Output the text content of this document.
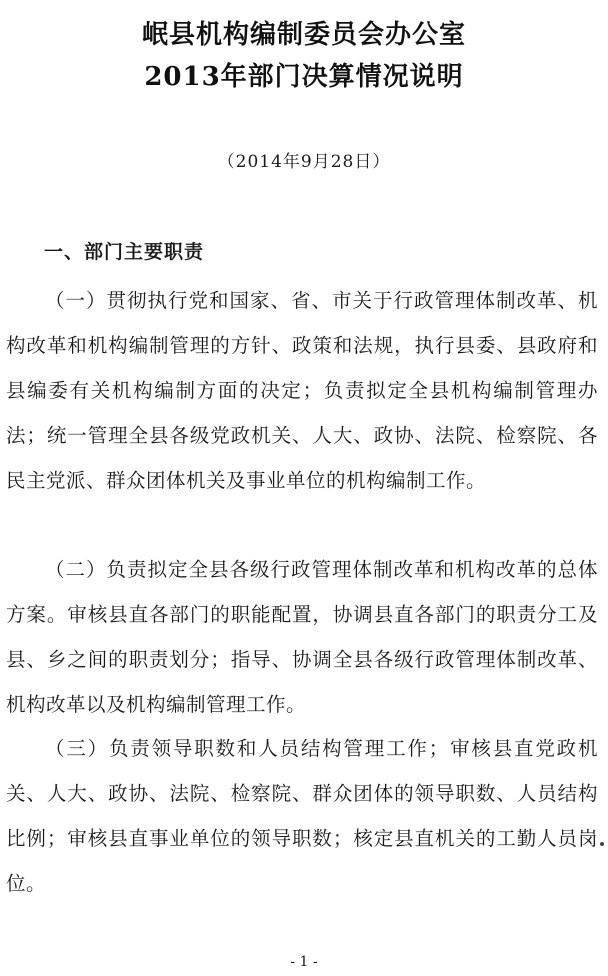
岷县机构编制委员会办公室
2013年部门决算情况说明
（2014年9月28日）
一、部门主要职责
（一）贯彻执行党和国家、省、市关于行政管理体制改革、机构改革和机构编制管理的方针、政策和法规，执行县委、县政府和县编委有关机构编制方面的决定；负责拟定全县机构编制管理办法；统一管理全县各级党政机关、人大、政协、法院、检察院、各民主党派、群众团体机关及事业单位的机构编制工作。
（二）负责拟定全县各级行政管理体制改革和机构改革的总体方案。审核县直各部门的职能配置，协调县直各部门的职责分工及县、乡之间的职责划分；指导、协调全县各级行政管理体制改革、机构改革以及机构编制管理工作。
（三）负责领导职数和人员结构管理工作；审核县直党政机关、人大、政协、法院、检察院、群众团体的领导职数、人员结构比例；审核县直事业单位的领导职数；核定县直机关的工勤人员岗位。
- 1 -
